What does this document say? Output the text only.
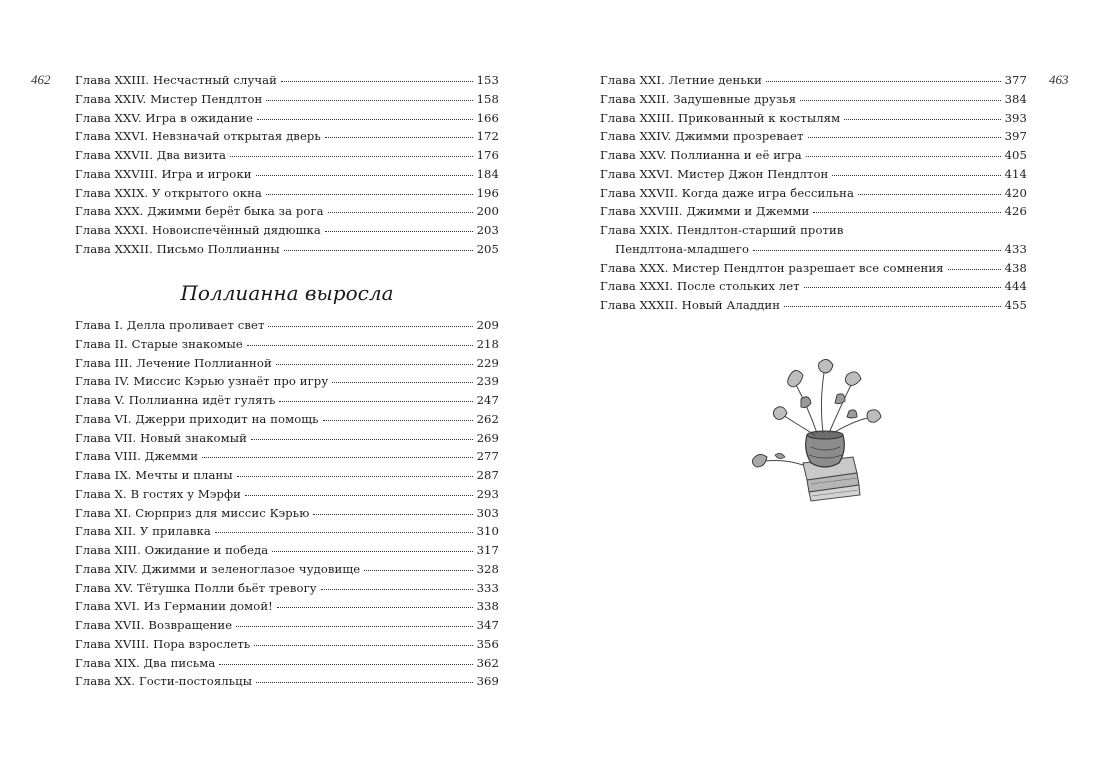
462	463
Глава XXIII. Несчастный случай	153
Глава XXIV. Мистер Пендлтон	158
Глава XXV. Игра в ожидание	166
Глава XXVI. Невзначай открытая дверь	172
Глава XXVII. Два визита	176
Глава XXVIII. Игра и игроки	184
Глава XXIX. У открытого окна	196
Глава XXX. Джимми берёт быка за рога	200
Глава XXXI. Новоиспечённый дядюшка	203
Глава XXXII. Письмо Поллианны	205
Поллианна выросла
Глава I. Делла проливает свет	209
Глава II. Старые знакомые	218
Глава III. Лечение Поллианной	229
Глава IV. Миссис Кэрью узнаёт про игру	239
Глава V. Поллианна идёт гулять	247
Глава VI. Джерри приходит на помощь	262
Глава VII. Новый знакомый	269
Глава VIII. Джемми	277
Глава IX. Мечты и планы	287
Глава X. В гостях у Мэрфи	293
Глава XI. Сюрприз для миссис Кэрью	303
Глава XII. У прилавка	310
Глава XIII. Ожидание и победа	317
Глава XIV. Джимми и зеленоглазое чудовище	328
Глава XV. Тётушка Полли бьёт тревогу	333
Глава XVI. Из Германии домой!	338
Глава XVII. Возвращение	347
Глава XVIII. Пора взрослеть	356
Глава XIX. Два письма	362
Глава XX. Гости-постояльцы	369
Глава XXI. Летние деньки	377
Глава XXII. Задушевные друзья	384
Глава XXIII. Прикованный к костылям	393
Глава XXIV. Джимми прозревает	397
Глава XXV. Поллианна и её игра	405
Глава XXVI. Мистер Джон Пендлтон	414
Глава XXVII. Когда даже игра бессильна	420
Глава XXVIII. Джимми и Джемми	426
Глава XXIX. Пендлтон-старший против
Пендлтона-младшего	433
Глава XXX. Мистер Пендлтон разрешает все сомнения	438
Глава XXXI. После стольких лет	444
Глава XXXII. Новый Аладдин	455
